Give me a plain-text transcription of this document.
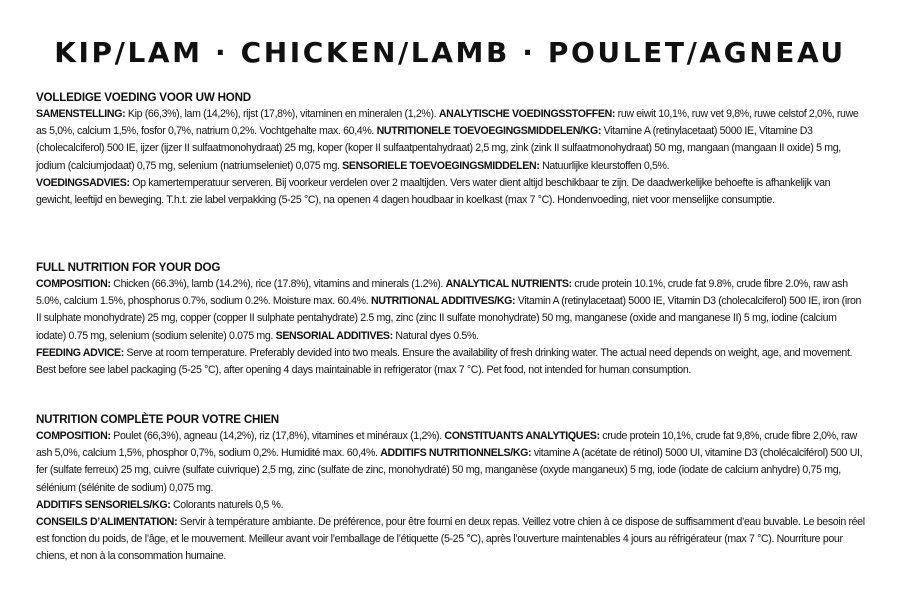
KIP/LAM · CHICKEN/LAMB · POULET/AGNEAU
VOLLEDIGE VOEDING VOOR UW HOND

SAMENSTELLING: Kip (66,3%), lam (14,2%), rijst (17,8%), vitaminen en mineralen (1,2%). ANALYTISCHE VOEDINGSSTOFFEN: ruw eiwit 10,1%, ruw vet 9,8%, ruwe celstof 2,0%, ruwe as 5,0%, calcium 1,5%, fosfor 0,7%, natrium 0,2%. Vochtgehalte max. 60,4%. NUTRITIONELE TOEVOEGINGSMIDDELEN/KG: Vitamine A (retinylacetaat) 5000 IE, Vitamine D3 (cholecalciferol) 500 IE, ijzer (ijzer II sulfaatmonohydraat) 25 mg, koper (koper II sulfaatpentahydraat) 2,5 mg, zink (zink II sulfaatmonohydraat) 50 mg, mangaan (mangaan II oxide) 5 mg, jodium (calciumjodaat) 0,75 mg, selenium (natriumseleniet) 0,075 mg. SENSORIELE TOEVOEGINGSMIDDELEN: Natuurlijke kleurstoffen 0,5%.

VOEDINGSADVIES: Op kamertemperatuur serveren. Bij voorkeur verdelen over 2 maaltijden. Vers water dient altijd beschikbaar te zijn. De daadwerkelijke behoefte is afhankelijk van gewicht, leeftijd en beweging. T.h.t. zie label verpakking (5-25 °C), na openen 4 dagen houdbaar in koelkast (max 7 °C). Hondenvoeding, niet voor menselijke consumptie.

FULL NUTRITION FOR YOUR DOG

COMPOSITION: Chicken (66.3%), lamb (14.2%), rice (17.8%), vitamins and minerals (1.2%). ANALYTICAL NUTRIENTS: crude protein 10.1%, crude fat 9.8%, crude fibre 2.0%, raw ash 5.0%, calcium 1.5%, phosphorus 0.7%, sodium 0.2%. Moisture max. 60.4%. NUTRITIONAL ADDITIVES/KG: Vitamin A (retinylacetaat) 5000 IE, Vitamin D3 (cholecalciferol) 500 IE, iron (iron II sulphate monohydrate) 25 mg, copper (copper II sulphate pentahydrate) 2.5 mg, zinc (zinc II sulfate monohydrate) 50 mg, manganese (oxide and manganese II) 5 mg, iodine (calcium iodate) 0.75 mg, selenium (sodium selenite) 0.075 mg. SENSORIAL ADDITIVES: Natural dyes 0.5%.

FEEDING ADVICE: Serve at room temperature. Preferably devided into two meals. Ensure the availability of fresh drinking water. The actual need depends on weight, age, and movement. Best before see label packaging (5-25 °C), after opening 4 days maintainable in refrigerator (max 7 °C). Pet food, not intended for human consumption.

NUTRITION COMPLÈTE POUR VOTRE CHIEN

COMPOSITION: Poulet (66,3%), agneau (14,2%), riz (17,8%), vitamines et minéraux (1,2%). CONSTITUANTS ANALYTIQUES: crude protein 10,1%, crude fat 9,8%, crude fibre 2,0%, raw ash 5,0%, calcium 1,5%, phosphor 0,7%, sodium 0,2%. Humidité max. 60,4%. ADDITIFS NUTRITIONNELS/KG: vitamine A (acétate de rétinol) 5000 UI, vitamine D3 (cholécalciférol) 500 UI, fer (sulfate ferreux) 25 mg, cuivre (sulfate cuivrique) 2,5 mg, zinc (sulfate de zinc, monohydraté) 50 mg, manganèse (oxyde manganeux) 5 mg, iode (iodate de calcium anhydre) 0,75 mg, sélénium (sélénite de sodium) 0,075 mg.

ADDITIFS SENSORIELS/KG: Colorants naturels 0,5 %.

CONSEILS D’ALIMENTATION: Servir à température ambiante. De préférence, pour être fourni en deux repas. Veillez votre chien à ce dispose de suffisamment d’eau buvable. Le besoin réel est fonction du poids, de l’âge, et le mouvement. Meilleur avant voir l’emballage de l’étiquette (5-25 °C), après l’ouverture maintenables 4 jours au réfrigérateur (max 7 °C). Nourriture pour chiens, et non à la consommation humaine.
